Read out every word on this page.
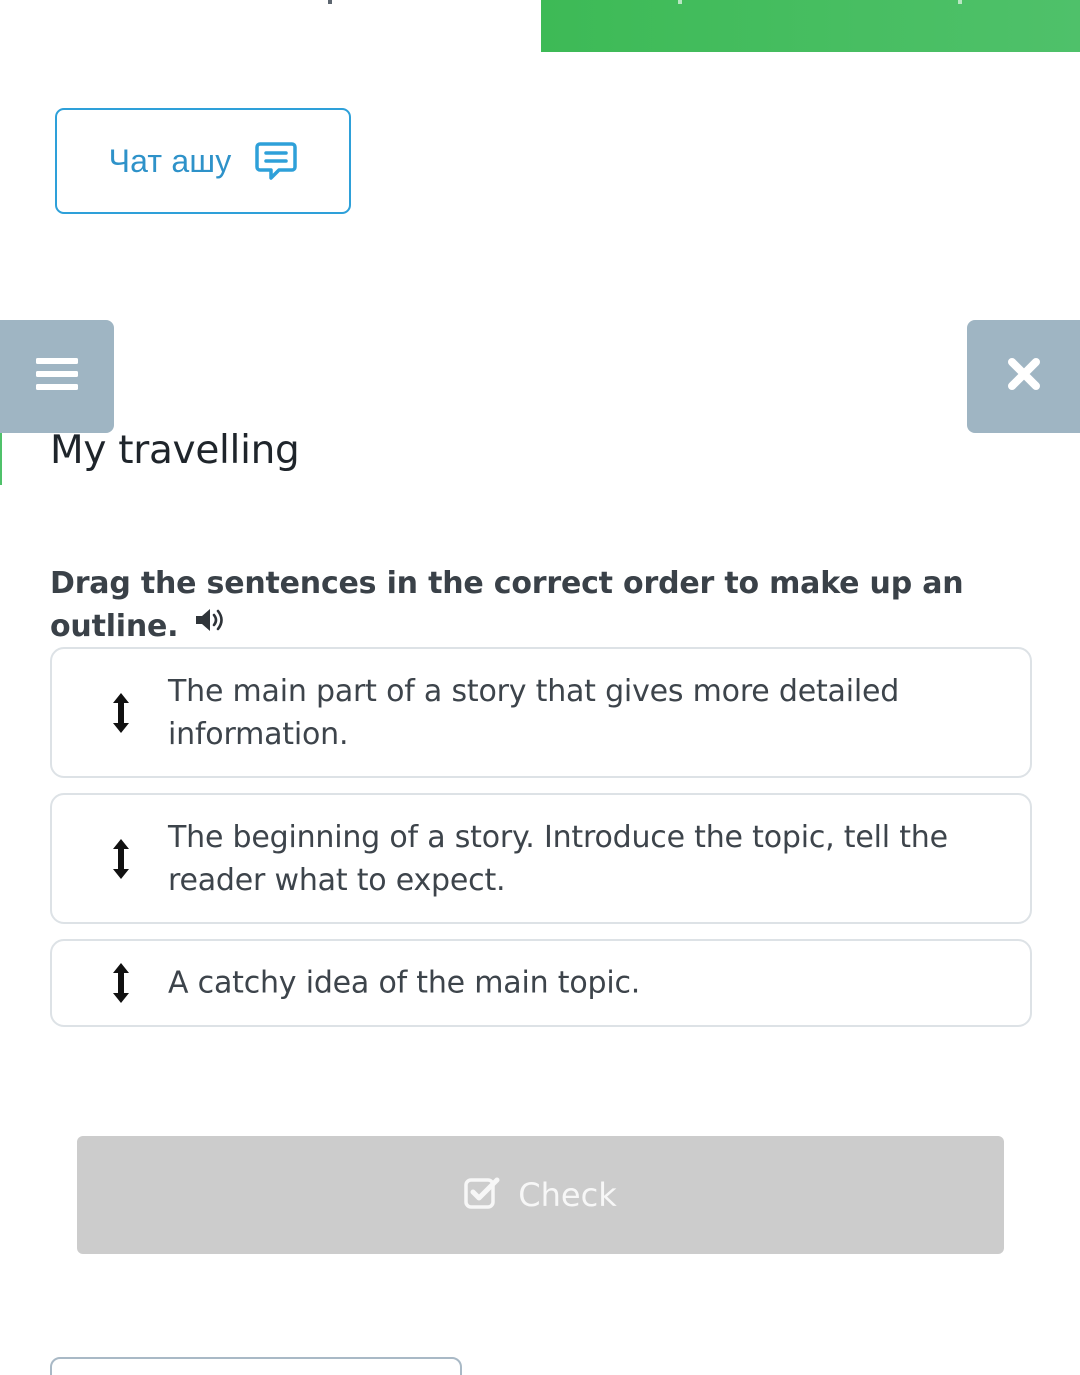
Чат ашу
My travelling

Drag the sentences in the correct order to make up an outline.

The main part of a story that gives more detailed information.
The beginning of a story. Introduce the topic, tell the reader what to expect.
A catchy idea of the main topic.
Check
